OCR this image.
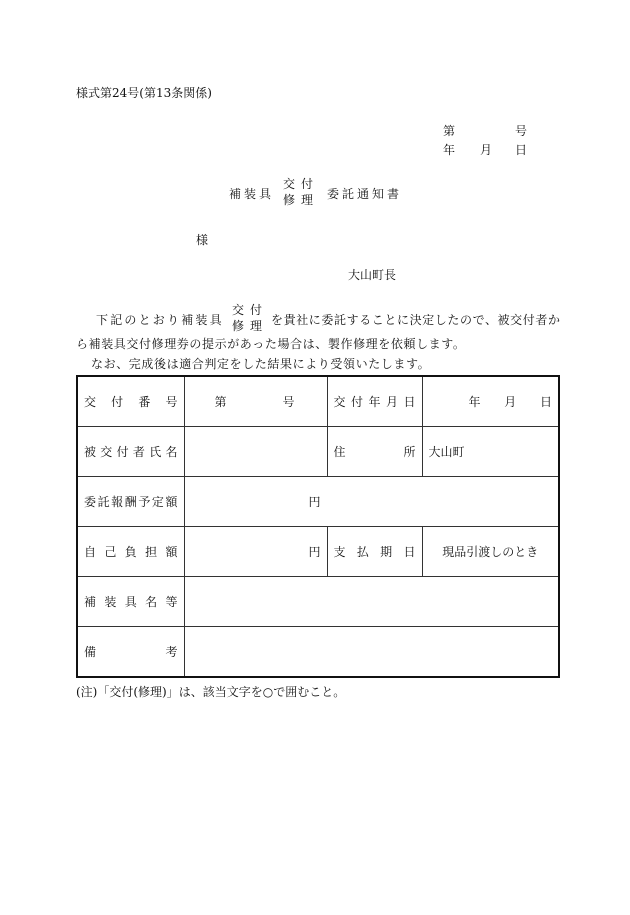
様式第24号(第13条関係)
第	号
年 月 日
補装具
交付
修理 委託通知書
様
大山町長
下記のとおり補装具
交付
修理 を貴社に委託することに決定したので、被交付者か
ら補装具交付修理券の提示があった場合は、製作修理を依頼します。
なお、完成後は適合判定をした結果により受領いたします。
交付番号	第 号	交付年月日	年 月 日

被交付者氏名		住所	大山町
委託報酬予定額	円		

自己負担額	円	支払期日	現品引渡しのとき
補装具名等			
備考			
(注)「交付(修理)」は、該当文字を○で囲むこと。
